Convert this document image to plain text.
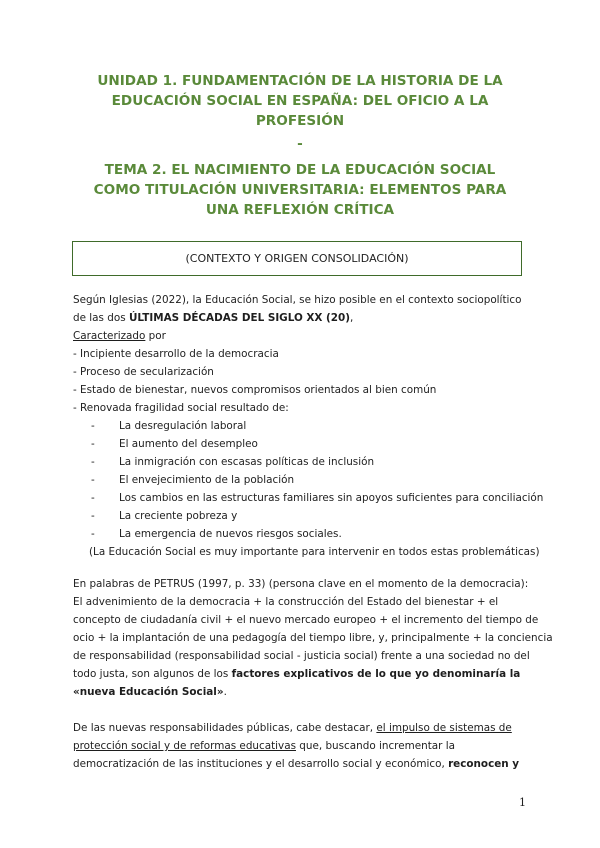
UNIDAD 1. FUNDAMENTACIÓN DE LA HISTORIA DE LA
EDUCACIÓN SOCIAL EN ESPAÑA: DEL OFICIO A LA
PROFESIÓN
-
TEMA 2. EL NACIMIENTO DE LA EDUCACIÓN SOCIAL
COMO TITULACIÓN UNIVERSITARIA: ELEMENTOS PARA
UNA REFLEXIÓN CRÍTICA
(CONTEXTO Y ORIGEN CONSOLIDACIÓN)
Según Iglesias (2022), la Educación Social, se hizo posible en el contexto sociopolítico
de las dos ÚLTIMAS DÉCADAS DEL SIGLO XX (20),
Caracterizado por
- Incipiente desarrollo de la democracia
- Proceso de secularización
- Estado de bienestar, nuevos compromisos orientados al bien común
- Renovada fragilidad social resultado de:
- La desregulación laboral
- El aumento del desempleo
- La inmigración con escasas políticas de inclusión
- El envejecimiento de la población
- Los cambios en las estructuras familiares sin apoyos suficientes para conciliación
- La creciente pobreza y
- La emergencia de nuevos riesgos sociales.
(La Educación Social es muy importante para intervenir en todos estas problemáticas)
En palabras de PETRUS (1997, p. 33) (persona clave en el momento de la democracia):
El advenimiento de la democracia + la construcción del Estado del bienestar + el
concepto de ciudadanía civil + el nuevo mercado europeo + el incremento del tiempo de
ocio + la implantación de una pedagogía del tiempo libre, y, principalmente + la conciencia
de responsabilidad (responsabilidad social - justicia social) frente a una sociedad no del
todo justa, son algunos de los factores explicativos de lo que yo denominaría la
«nueva Educación Social».
De las nuevas responsabilidades públicas, cabe destacar, el impulso de sistemas de
protección social y de reformas educativas que, buscando incrementar la
democratización de las instituciones y el desarrollo social y económico, reconocen y
1
